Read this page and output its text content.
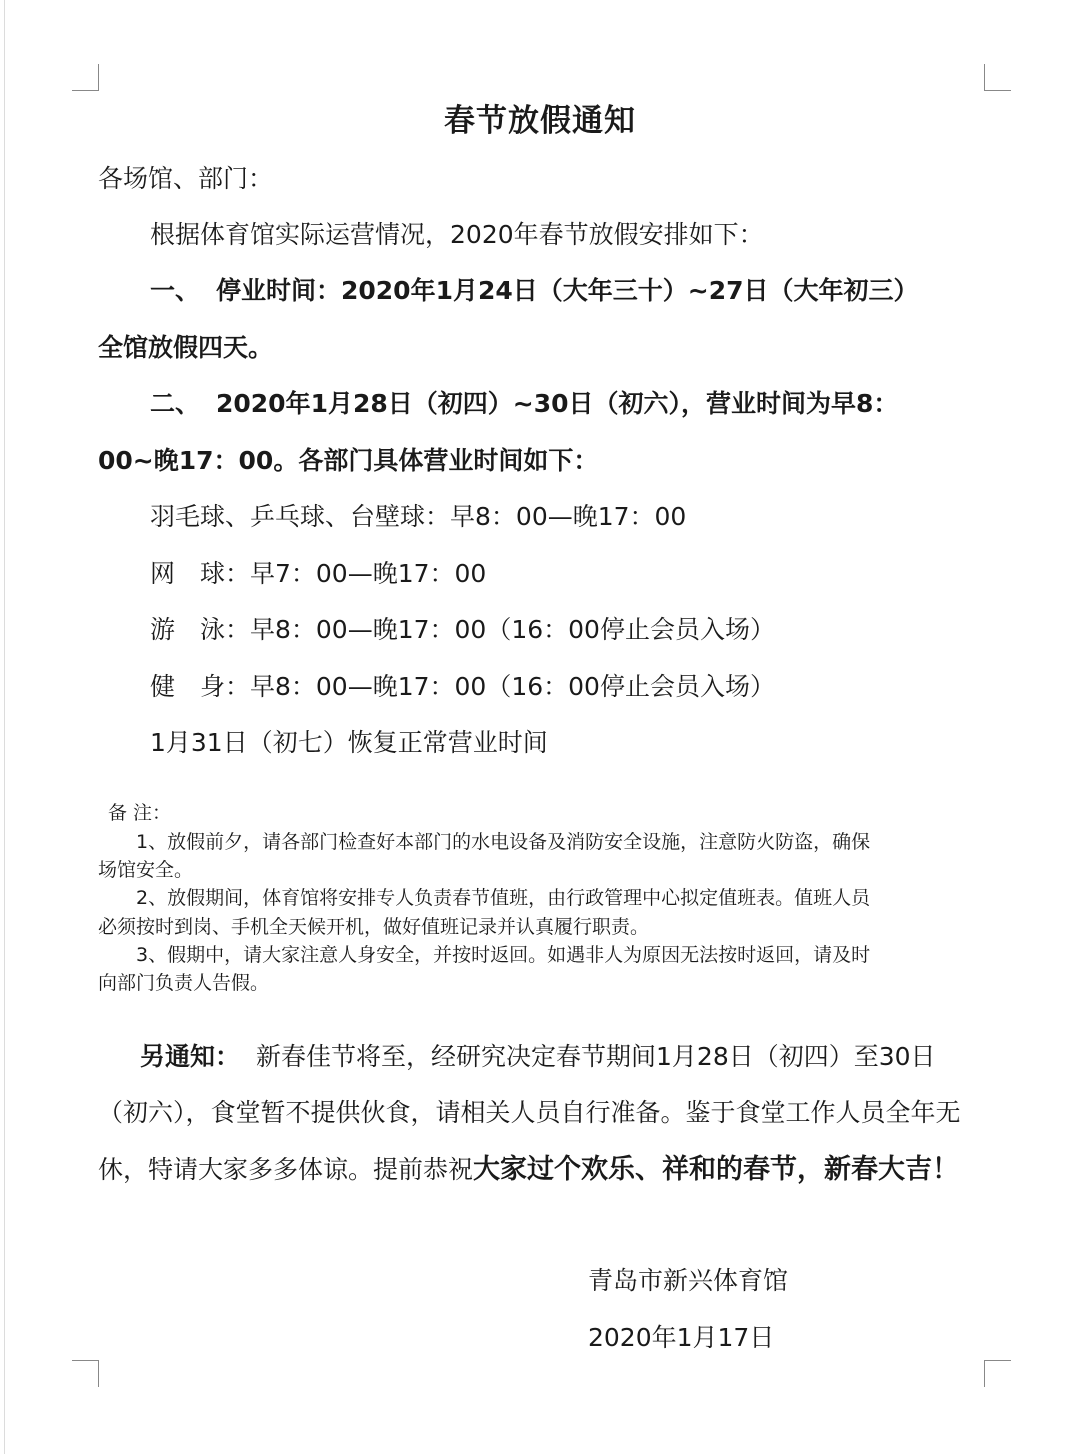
春节放假通知
各场馆、部门：
根据体育馆实际运营情况，2020年春节放假安排如下：
一、 停业时间：2020年1月24日（大年三十）~27日（大年初三）
全馆放假四天。
二、 2020年1月28日（初四）~30日（初六），营业时间为早8：
00~晚17：00。各部门具体营业时间如下：
羽毛球、乒乓球、台壁球：早8：00—晚17：00
网　球：早7：00—晚17：00
游　泳：早8：00—晚17：00（16：00停止会员入场）
健　身：早8：00—晚17：00（16：00停止会员入场）
1月31日（初七）恢复正常营业时间
备 注：
1、放假前夕，请各部门检查好本部门的水电设备及消防安全设施，注意防火防盗，确保
场馆安全。
2、放假期间，体育馆将安排专人负责春节值班，由行政管理中心拟定值班表。值班人员
必须按时到岗、手机全天候开机，做好值班记录并认真履行职责。
3、假期中，请大家注意人身安全，并按时返回。如遇非人为原因无法按时返回，请及时
向部门负责人告假。
另通知： 新春佳节将至，经研究决定春节期间1月28日（初四）至30日
（初六），食堂暂不提供伙食，请相关人员自行准备。鉴于食堂工作人员全年无
休，特请大家多多体谅。提前恭祝大家过个欢乐、祥和的春节，新春大吉！
青岛市新兴体育馆
2020年1月17日
